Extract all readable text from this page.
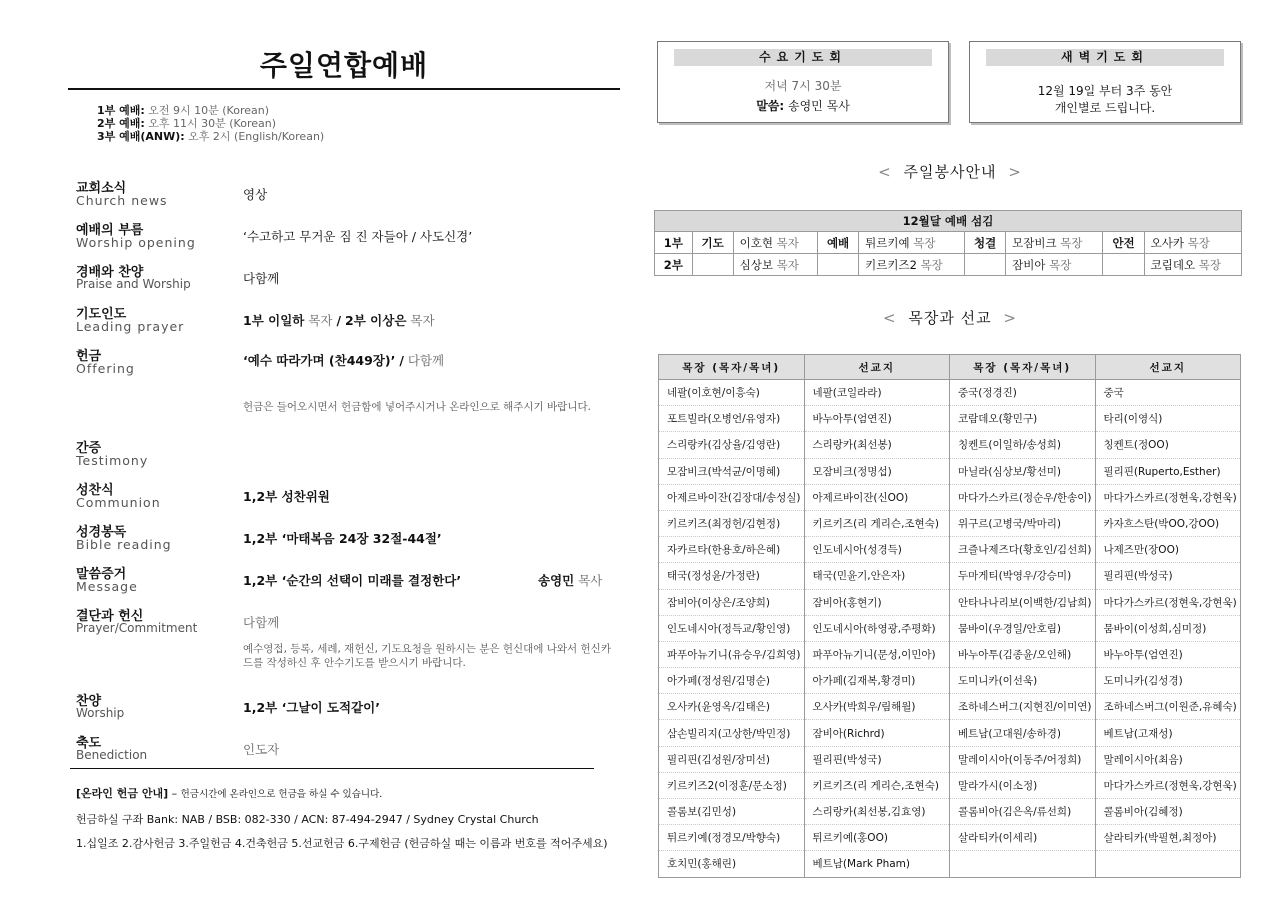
주일연합예배
1부 예배: 오전 9시 10분 (Korean)
2부 예배: 오후 11시 30분 (Korean)
3부 예배(ANW): 오후 2시 (English/Korean)
교회소식
Church news	영상
예배의 부름
Worship opening	‘수고하고 무거운 짐 진 자들아 / 사도신경’
경배와 찬양
Praise and Worship	다함께
기도인도
Leading prayer	1부 이일하 목자 / 2부 이상은 목자
헌금
Offering
‘예수 따라가며 (찬449장)’ / 다함께
헌금은 들어오시면서 헌금함에 넣어주시거나 온라인으로 해주시기 바랍니다.
간증
Testimony
성찬식
Communion	1,2부 성찬위원
성경봉독
Bible reading	1,2부 ‘마태복음 24장 32절-44절’
말씀증거
Message	1,2부 ‘순간의 선택이 미래를 결정한다’	송영민 목사
결단과 헌신
Prayer/Commitment	다함께
예수영접, 등록, 세례, 재헌신, 기도요청을 원하시는 분은 헌신대에 나와서 헌신카드를 작성하신 후 안수기도를 받으시기 바랍니다.
찬양
Worship	1,2부 ‘그날이 도적같이’
축도
Benediction	인도자
[온라인 헌금 안내] – 헌금시간에 온라인으로 헌금을 하실 수 있습니다.
헌금하실 구좌 Bank: NAB / BSB: 082-330 / ACN: 87-494-2947 / Sydney Crystal Church
1.십일조 2.감사헌금 3.주일헌금 4.건축헌금 5.선교헌금 6.구제헌금 (헌금하실 때는 이름과 번호를 적어주세요)
수요기도회
저녁 7시 30분
말씀: 송영민 목사
새벽기도회
12월 19일 부터 3주 동안
개인별로 드립니다.
< 주일봉사안내 >
12월달 예배 섬김								
1부	기도	이호현 목자	예배	튀르키예 목장	청결	모잠비크 목장	안전	오사카 목장
2부		심상보 목자		키르키즈2 목장		잠비아 목장		코림데오 목장
< 목장과 선교 >
목장 (목자/목녀)	선교지	목장 (목자/목녀)	선교지
네팔(이호현/이흥숙)	네팔(코일라라)	중국(정경진)	중국
포트빌라(오병언/유영자)	바누아투(엄연진)	코람데오(황민구)	타리(이영식)
스리랑카(김상율/김영란)	스리랑카(최선봉)	칭켄트(이일하/송성희)	칭켄트(정OO)
모잠비크(박석균/이명혜)	모잠비크(정명섭)	마닐라(심상보/황선미)	필리핀(Ruperto,Esther)
아제르바이잔(김장대/송성실)	아제르바이잔(신OO)	마다가스카르(정순우/한송이)	마다가스카르(정현욱,강현욱)
키르키즈(최정헌/김현정)	키르키즈(리 게리슨,조현숙)	위구르(고병국/박마리)	카자흐스탄(박OO,강OO)
자카르타(한용호/하은혜)	인도네시아(성경득)	크즐나제즈다(황호인/김선희)	나제즈만(장OO)
태국(정성윤/가정란)	태국(민윤기,안은자)	두마게티(박영우/강승미)	필리핀(박성국)
잠비아(이상은/조양희)	잠비아(홍현기)	안타나나리보(이백한/김남희)	마다가스카르(정현욱,강현욱)
인도네시아(정득교/황인영)	인도네시아(하영광,주평화)	뭄바이(우경일/안호림)	뭄바이(이성희,심미정)
파푸아뉴기니(유승우/김희영)	파푸아뉴기니(문성,이민아)	바누아투(김종윤/오인해)	바누아투(엄연진)
아가페(정성원/김명순)	아가페(김재복,황경미)	도미니카(이선욱)	도미니카(김성경)
오사카(윤영옥/김태은)	오사카(박희우/림해월)	조하네스버그(지현진/이미연)	조하네스버그(이원준,유혜숙)
삼손빌리지(고상한/박민정)	잠비아(Richrd)	베트남(고대원/송하경)	베트남(고재성)
필리핀(김성원/장미선)	필리핀(박성국)	말레이시아(이동주/어정희)	말레이시아(최음)
키르키즈2(이정훈/문소정)	키르키즈(리 게리슨,조현숙)	말라가시(이소정)	마다가스카르(정현욱,강현욱)
콜롬보(김민성)	스리랑카(최선봉,김효영)	콜롬비아(김은옥/류선희)	콜롬비아(김혜정)
튀르키예(정경모/박향숙)	튀르키예(홍OO)	살라티카(이세리)	살라티카(박필현,최정아)
호치민(홍해린)	베트남(Mark Pham)		
